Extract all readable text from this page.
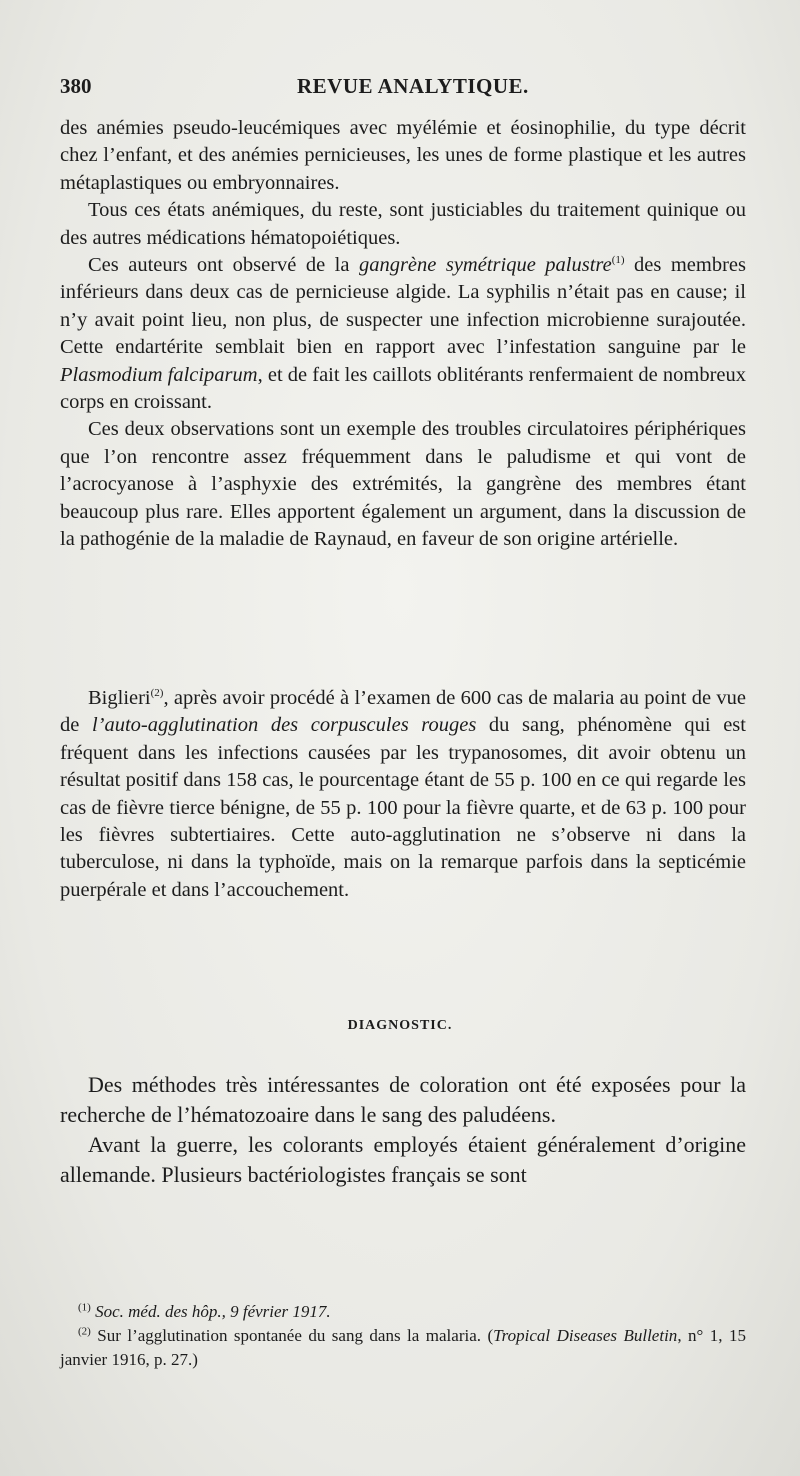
380	REVUE ANALYTIQUE.

des anémies pseudo-leucémiques avec myélémie et éosinophilie, du type décrit chez l’enfant, et des anémies pernicieuses, les unes de forme plastique et les autres métaplastiques ou embryonnaires.

Tous ces états anémiques, du reste, sont justiciables du traitement quinique ou des autres médications hématopoiétiques.

Ces auteurs ont observé de la gangrène symétrique palustre$^{(1)}$ des membres inférieurs dans deux cas de pernicieuse algide. La syphilis n’était pas en cause; il n’y avait point lieu, non plus, de suspecter une infection microbienne surajoutée. Cette endartérite semblait bien en rapport avec l’infestation sanguine par le Plasmodium falciparum, et de fait les caillots oblitérants renfermaient de nombreux corps en croissant.

Ces deux observations sont un exemple des troubles circulatoires périphériques que l’on rencontre assez fréquemment dans le paludisme et qui vont de l’acrocyanose à l’asphyxie des extrémités, la gangrène des membres étant beaucoup plus rare. Elles apportent également un argument, dans la discussion de la pathogénie de la maladie de Raynaud, en faveur de son origine artérielle.

Biglieri$^{(2)}$, après avoir procédé à l’examen de 600 cas de malaria au point de vue de l’auto-agglutination des corpuscules rouges du sang, phénomène qui est fréquent dans les infections causées par les trypanosomes, dit avoir obtenu un résultat positif dans 158 cas, le pourcentage étant de 55 p. 100 en ce qui regarde les cas de fièvre tierce bénigne, de 55 p. 100 pour la fièvre quarte, et de 63 p. 100 pour les fièvres subtertiaires. Cette auto-agglutination ne s’observe ni dans la tuberculose, ni dans la typhoïde, mais on la remarque parfois dans la septicémie puerpérale et dans l’accouchement.

DIAGNOSTIC.

Des méthodes très intéressantes de coloration ont été exposées pour la recherche de l’hématozoaire dans le sang des paludéens.

Avant la guerre, les colorants employés étaient généralement d’origine allemande. Plusieurs bactériologistes français se sont

$^{(1)}$ Soc. méd. des hôp., 9 février 1917.

$^{(2)}$ Sur l’agglutination spontanée du sang dans la malaria. (Tropical Diseases Bulletin, n° 1, 15 janvier 1916, p. 27.)
